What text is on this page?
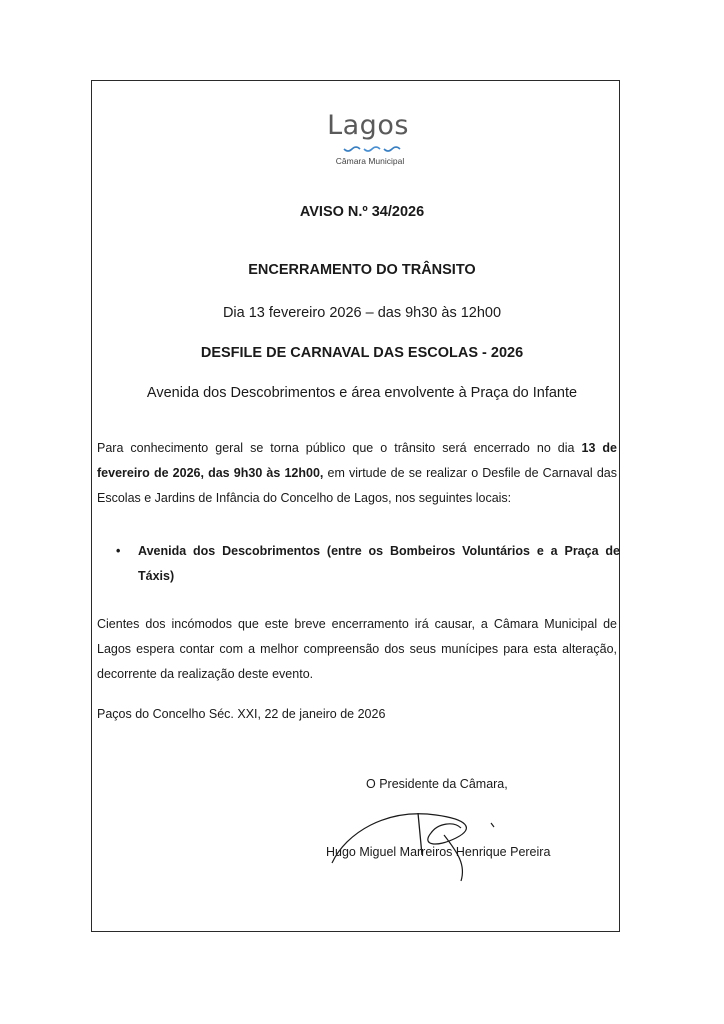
Lagos
Câmara Municipal
AVISO N.º 34/2026
ENCERRAMENTO DO TRÂNSITO
Dia 13 fevereiro 2026 – das 9h30 às 12h00
DESFILE DE CARNAVAL DAS ESCOLAS - 2026
Avenida dos Descobrimentos e área envolvente à Praça do Infante
Para conhecimento geral se torna público que o trânsito será encerrado no dia 13 de fevereiro de 2026, das 9h30 às 12h00, em virtude de se realizar o Desfile de Carnaval das Escolas e Jardins de Infância do Concelho de Lagos, nos seguintes locais:
• Avenida dos Descobrimentos (entre os Bombeiros Voluntários e a Praça de Táxis)
Cientes dos incómodos que este breve encerramento irá causar, a Câmara Municipal de Lagos espera contar com a melhor compreensão dos seus munícipes para esta alteração, decorrente da realização deste evento.
Paços do Concelho Séc. XXI, 22 de janeiro de 2026
O Presidente da Câmara,
Hugo Miguel Marreiros Henrique Pereira
